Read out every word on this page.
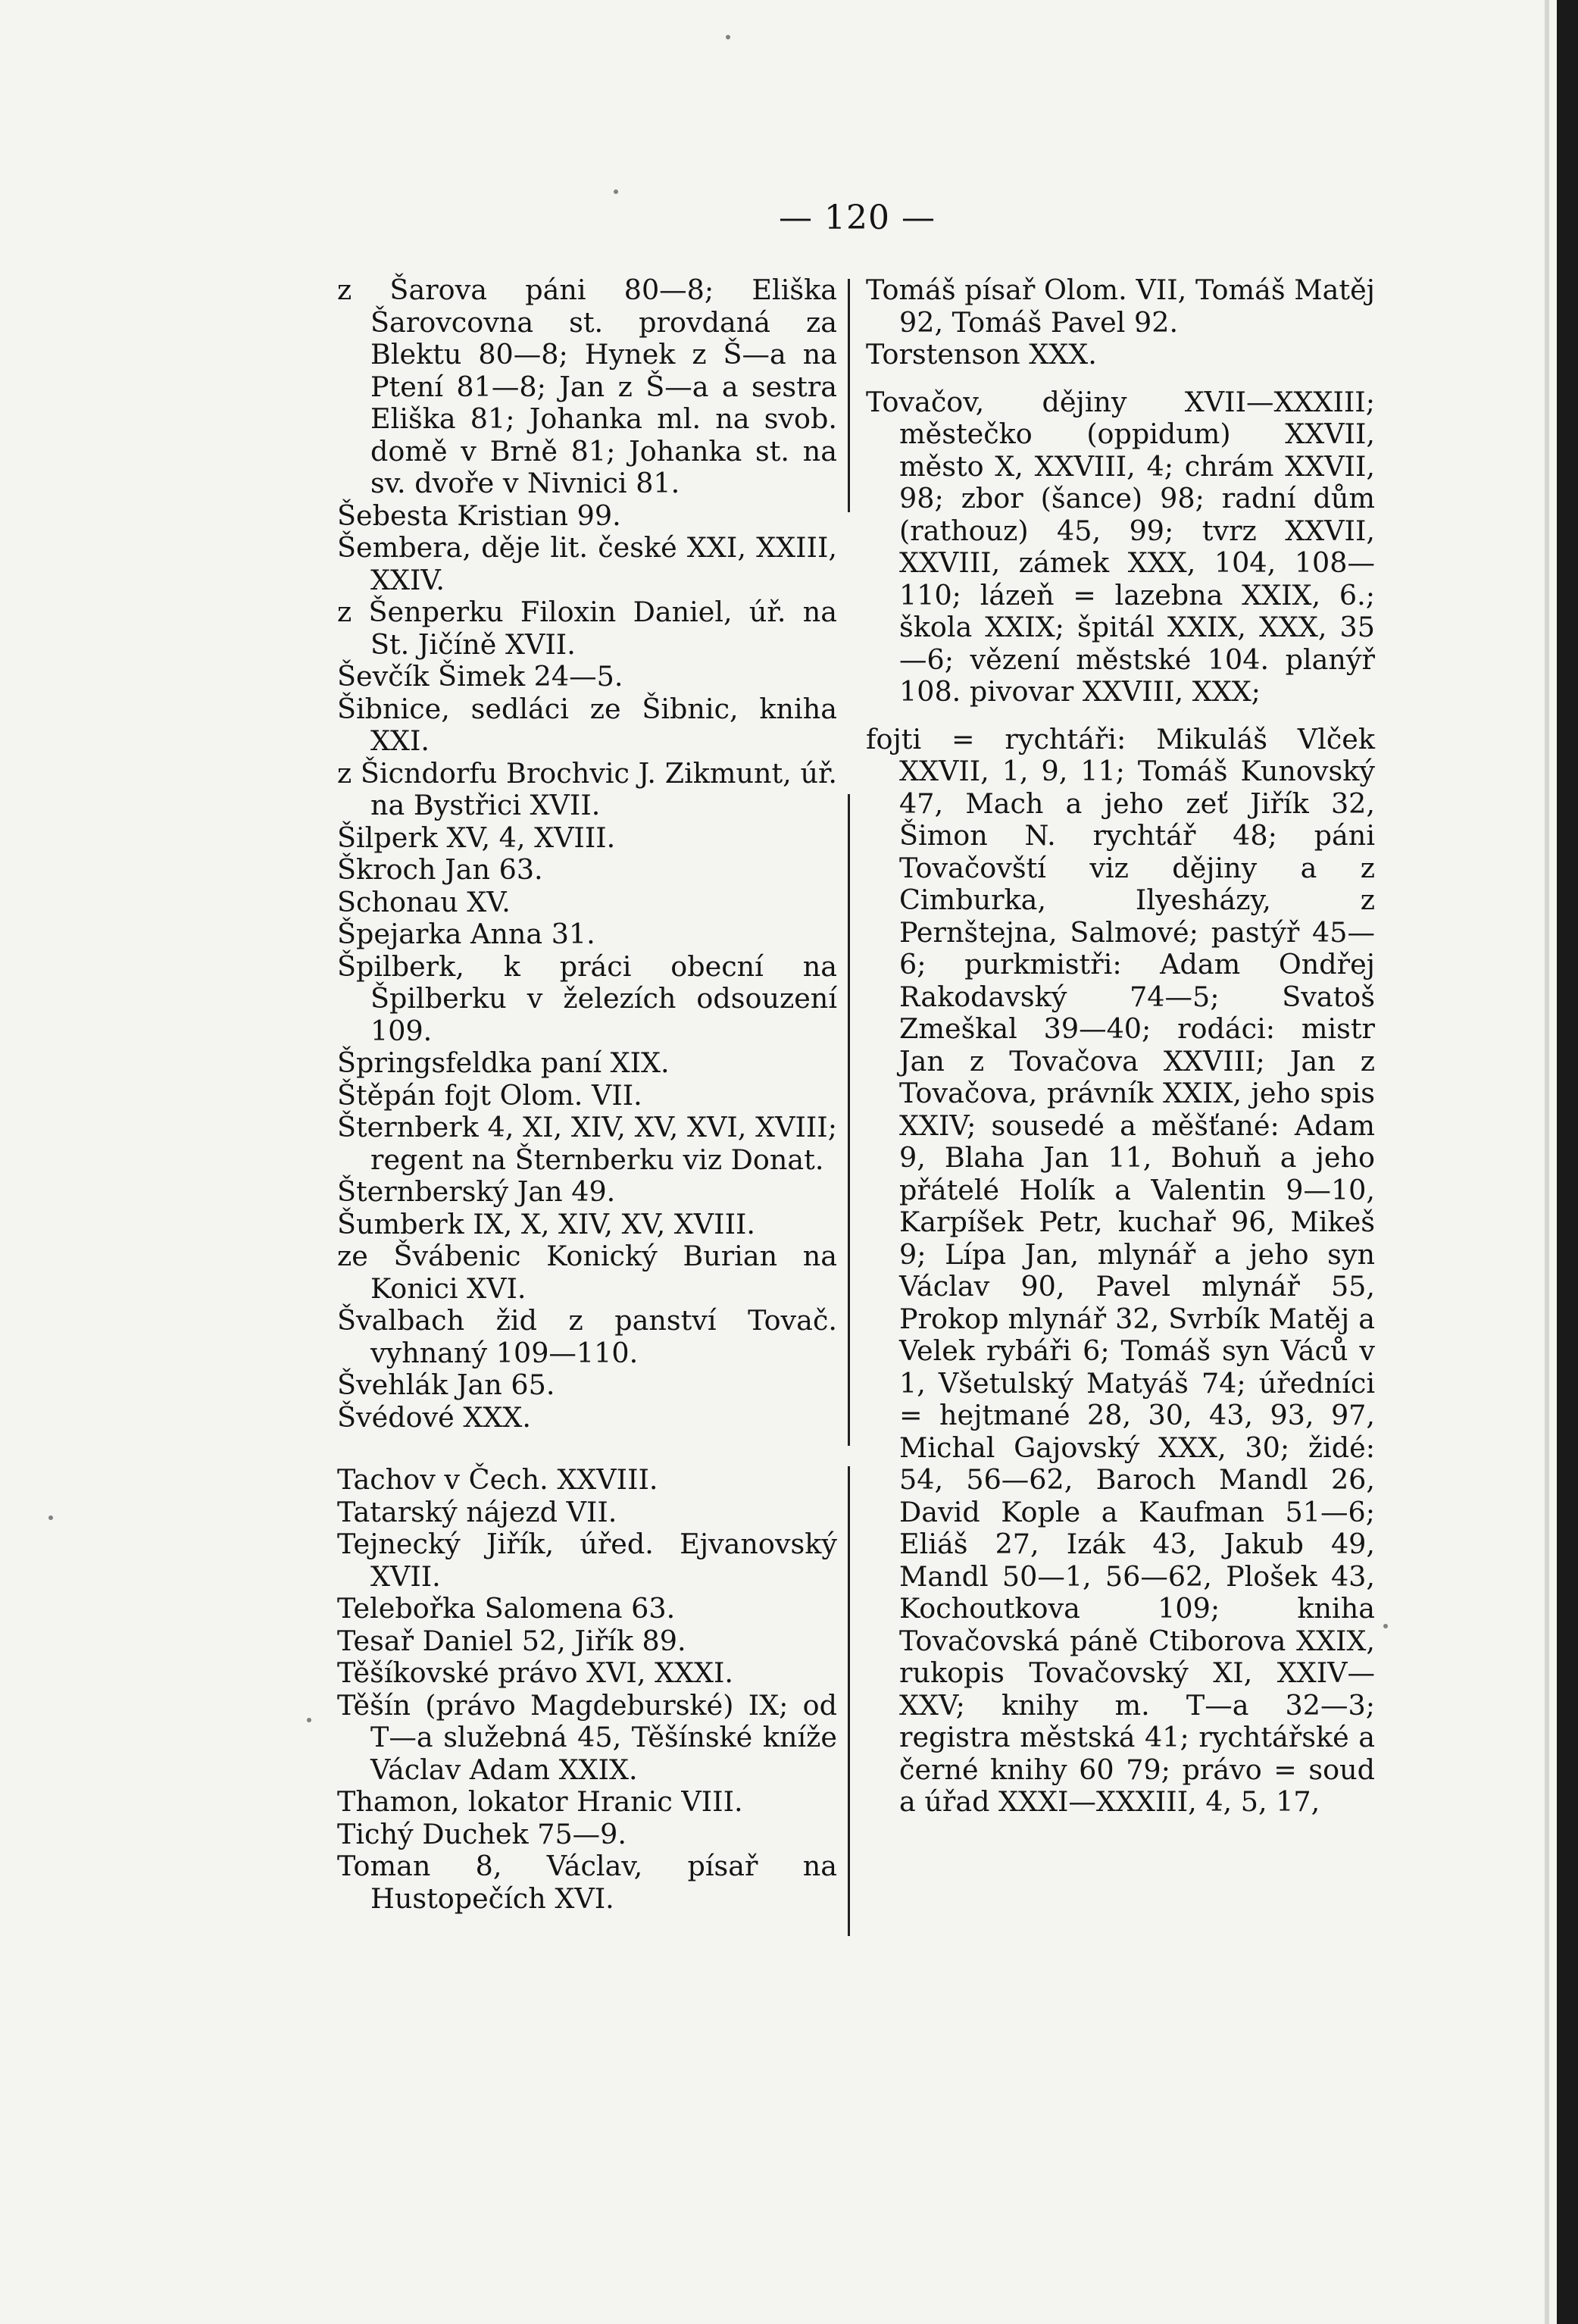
— 120 —
z Šarova páni 80—8; Eliška Šarovcovna st. provdaná za Blektu 80—8; Hynek z Š—a na Ptení 81—8; Jan z Š—a a sestra Eliška 81; Johanka ml. na svob. domě v Brně 81; Johanka st. na sv. dvoře v Nivnici 81.
Šebesta Kristian 99.
Šembera, děje lit. české XXI, XXIII, XXIV.
z Šenperku Filoxin Daniel, úř. na St. Jičíně XVII.
Ševčík Šimek 24—5.
Šibnice, sedláci ze Šibnic, kniha XXI.
z Šicndorfu Brochvic J. Zikmunt, úř. na Bystřici XVII.
Šilperk XV, 4, XVIII.
Škroch Jan 63.
Schonau XV.
Špejarka Anna 31.
Špilberk, k práci obecní na Špilberku v železích odsouzení 109.
Špringsfeldka paní XIX.
Štěpán fojt Olom. VII.
Šternberk 4, XI, XIV, XV, XVI, XVIII; regent na Šternberku viz Donat.
Šternberský Jan 49.
Šumberk IX, X, XIV, XV, XVIII.
ze Švábenic Konický Burian na Konici XVI.
Švalbach žid z panství Tovač. vyhnaný 109—110.
Švehlák Jan 65.
Švédové XXX.
Tachov v Čech. XXVIII.
Tatarský nájezd VII.
Tejnecký Jiřík, úřed. Ejvanovský XVII.
Telebořka Salomena 63.
Tesař Daniel 52, Jiřík 89.
Těšíkovské právo XVI, XXXI.
Těšín (právo Magdeburské) IX; od T—a služebná 45, Těšínské kníže Václav Adam XXIX.
Thamon, lokator Hranic VIII.
Tichý Duchek 75—9.
Toman 8, Václav, písař na Hustopečích XVI.
Tomáš písař Olom. VII, Tomáš Matěj 92, Tomáš Pavel 92.
Torstenson XXX.
Tovačov, dějiny XVII—XXXIII; městečko (oppidum) XXVII, město X, XXVIII, 4; chrám XXVII, 98; zbor (šance) 98; radní dům (rathouz) 45, 99; tvrz XXVII, XXVIII, zámek XXX, 104, 108—110; lázeň = lazebna XXIX, 6.; škola XXIX; špitál XXIX, XXX, 35—6; vězení městské 104. planýř 108. pivovar XXVIII, XXX;
fojti = rychtáři: Mikuláš Vlček XXVII, 1, 9, 11; Tomáš Kunovský 47, Mach a jeho zeť Jiřík 32, Šimon N. rychtář 48; páni Tovačovští viz dějiny a z Cimburka, Ilyesházy, z Pernštejna, Salmové; pastýř 45—6; purkmistři: Adam Ondřej Rakodavský 74—5; Svatoš Zmeškal 39—40; rodáci: mistr Jan z Tovačova XXVIII; Jan z Tovačova, právník XXIX, jeho spis XXIV; sousedé a měšťané: Adam 9, Blaha Jan 11, Bohuň a jeho přátelé Holík a Valentin 9—10, Karpíšek Petr, kuchař 96, Mikeš 9; Lípa Jan, mlynář a jeho syn Václav 90, Pavel mlynář 55, Prokop mlynář 32, Svrbík Matěj a Velek rybáři 6; Tomáš syn Váců v 1, Všetulský Matyáš 74; úředníci = hejtmané 28, 30, 43, 93, 97, Michal Gajovský XXX, 30; židé: 54, 56—62, Baroch Mandl 26, David Kople a Kaufman 51—6; Eliáš 27, Izák 43, Jakub 49, Mandl 50—1, 56—62, Plošek 43, Kochoutkova 109; kniha Tovačovská páně Ctiborova XXIX, rukopis Tovačovský XI, XXIV—XXV; knihy m. T—a 32—3; registra městská 41; rychtářské a černé knihy 60 79; právo = soud a úřad XXXI—XXXIII, 4, 5, 17,
